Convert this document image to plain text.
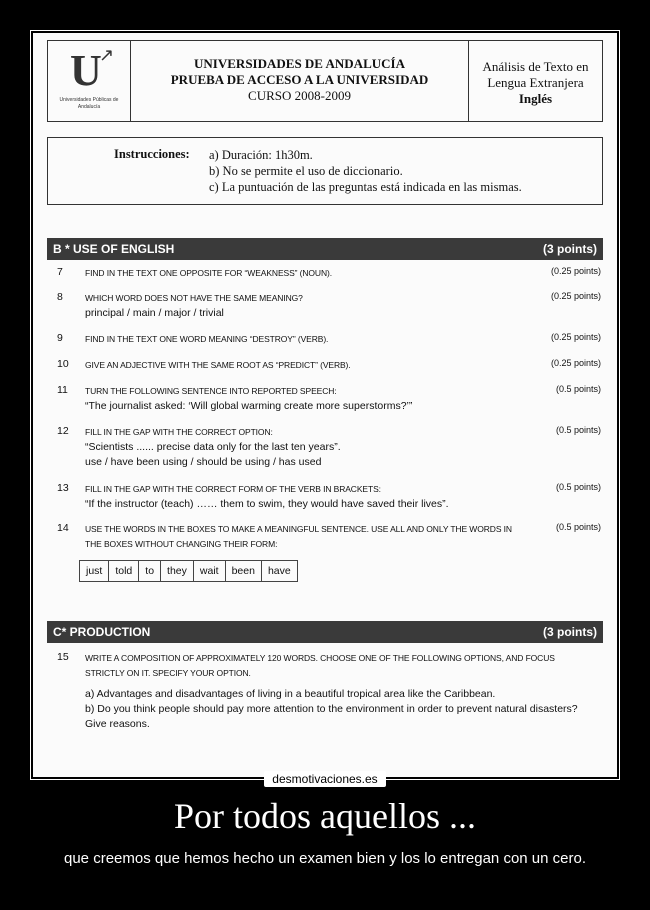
U
↗
Universidades Públicas de Andalucía
UNIVERSIDADES DE ANDALUCÍA
PRUEBA DE ACCESO A LA UNIVERSIDAD
CURSO 2008-2009
Análisis de Texto en
Lengua Extranjera
Inglés
Instrucciones: a) Duración: 1h30m.
b) No se permite el uso de diccionario.
c) La puntuación de las preguntas está indicada en las mismas.
B * USE OF ENGLISH	(3 points)
7	FIND IN THE TEXT ONE OPPOSITE FOR “WEAKNESS” (NOUN).	(0.25 points)
8	WHICH WORD DOES NOT HAVE THE SAME MEANING?
principal / main / major / trivial
(0.25 points)
9	FIND IN THE TEXT ONE WORD MEANING “DESTROY” (VERB).	(0.25 points)
10	GIVE AN ADJECTIVE WITH THE SAME ROOT AS “PREDICT” (VERB).	(0.25 points)
11	TURN THE FOLLOWING SENTENCE INTO REPORTED SPEECH:
“The journalist asked: ‘Will global warming create more superstorms?’”
(0.5 points)
12	FILL IN THE GAP WITH THE CORRECT OPTION:
“Scientists ...... precise data only for the last ten years”.
use / have been using / should be using / has used
(0.5 points)
13	FILL IN THE GAP WITH THE CORRECT FORM OF THE VERB IN BRACKETS:
“If the instructor (teach) …… them to swim, they would have saved their lives”.
(0.5 points)
14	USE THE WORDS IN THE BOXES TO MAKE A MEANINGFUL SENTENCE. USE ALL AND ONLY THE WORDS IN THE BOXES WITHOUT CHANGING THEIR FORM:
(0.5 points)
just	told	to	they	wait	been	have
C* PRODUCTION	(3 points)
15	WRITE A COMPOSITION OF APPROXIMATELY 120 WORDS. CHOOSE ONE OF THE FOLLOWING OPTIONS, AND FOCUS STRICTLY ON IT. SPECIFY YOUR OPTION.
a) Advantages and disadvantages of living in a beautiful tropical area like the Caribbean.
b) Do you think people should pay more attention to the environment in order to prevent natural disasters? Give reasons.
desmotivaciones.es
Por todos aquellos ...
que creemos que hemos hecho un examen bien y los lo entregan con un cero.
